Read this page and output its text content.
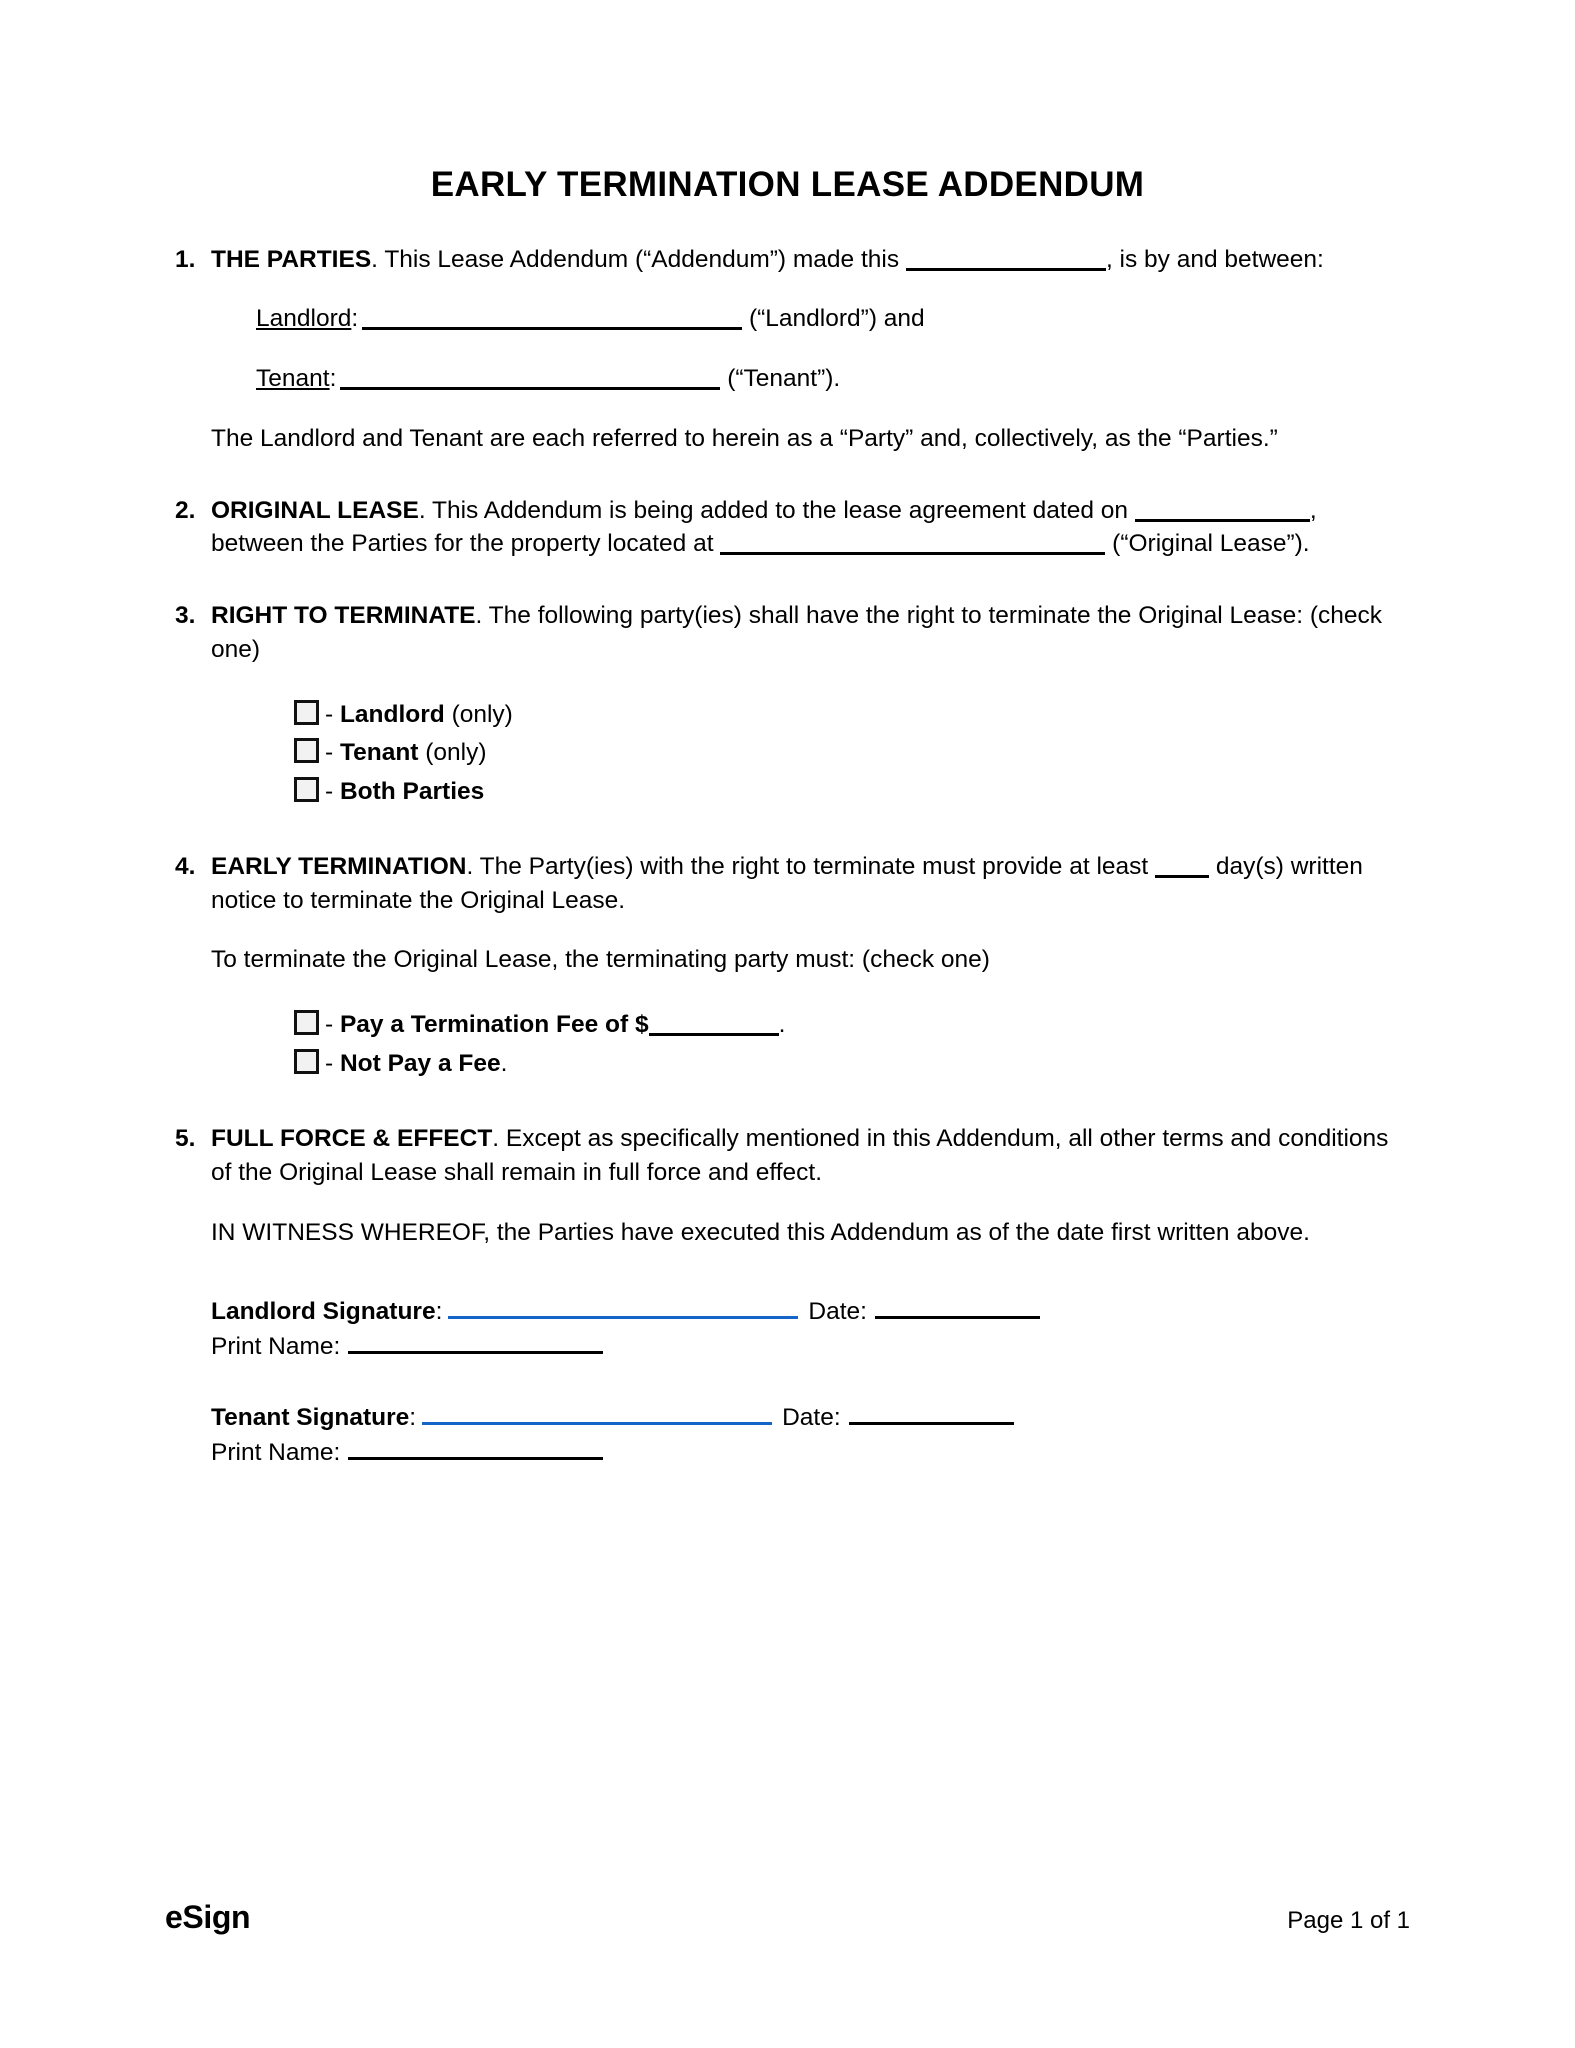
EARLY TERMINATION LEASE ADDENDUM
1. THE PARTIES. This Lease Addendum (“Addendum”) made this	, is by and between:

Landlord:	(“Landlord”) and

Tenant:	(“Tenant”).

The Landlord and Tenant are each referred to herein as a “Party” and, collectively, as the “Parties.”

2. ORIGINAL LEASE. This Addendum is being added to the lease agreement dated on	, between the Parties for the property located at	(“Original Lease”).

3. RIGHT TO TERMINATE. The following party(ies) shall have the right to terminate the Original Lease: (check one)

- Landlord (only)
- Tenant (only)
- Both Parties
4. EARLY TERMINATION. The Party(ies) with the right to terminate must provide at least  day(s) written notice to terminate the Original Lease.

To terminate the Original Lease, the terminating party must: (check one)

- Pay a Termination Fee of $	.
- Not Pay a Fee.
5. FULL FORCE & EFFECT. Except as specifically mentioned in this Addendum, all other terms and conditions of the Original Lease shall remain in full force and effect.

IN WITNESS WHEREOF, the Parties have executed this Addendum as of the date first written above.

Landlord Signature :	Date:
Print Name:
Tenant Signature :	Date:
Print Name:
eSign	Page 1 of 1
